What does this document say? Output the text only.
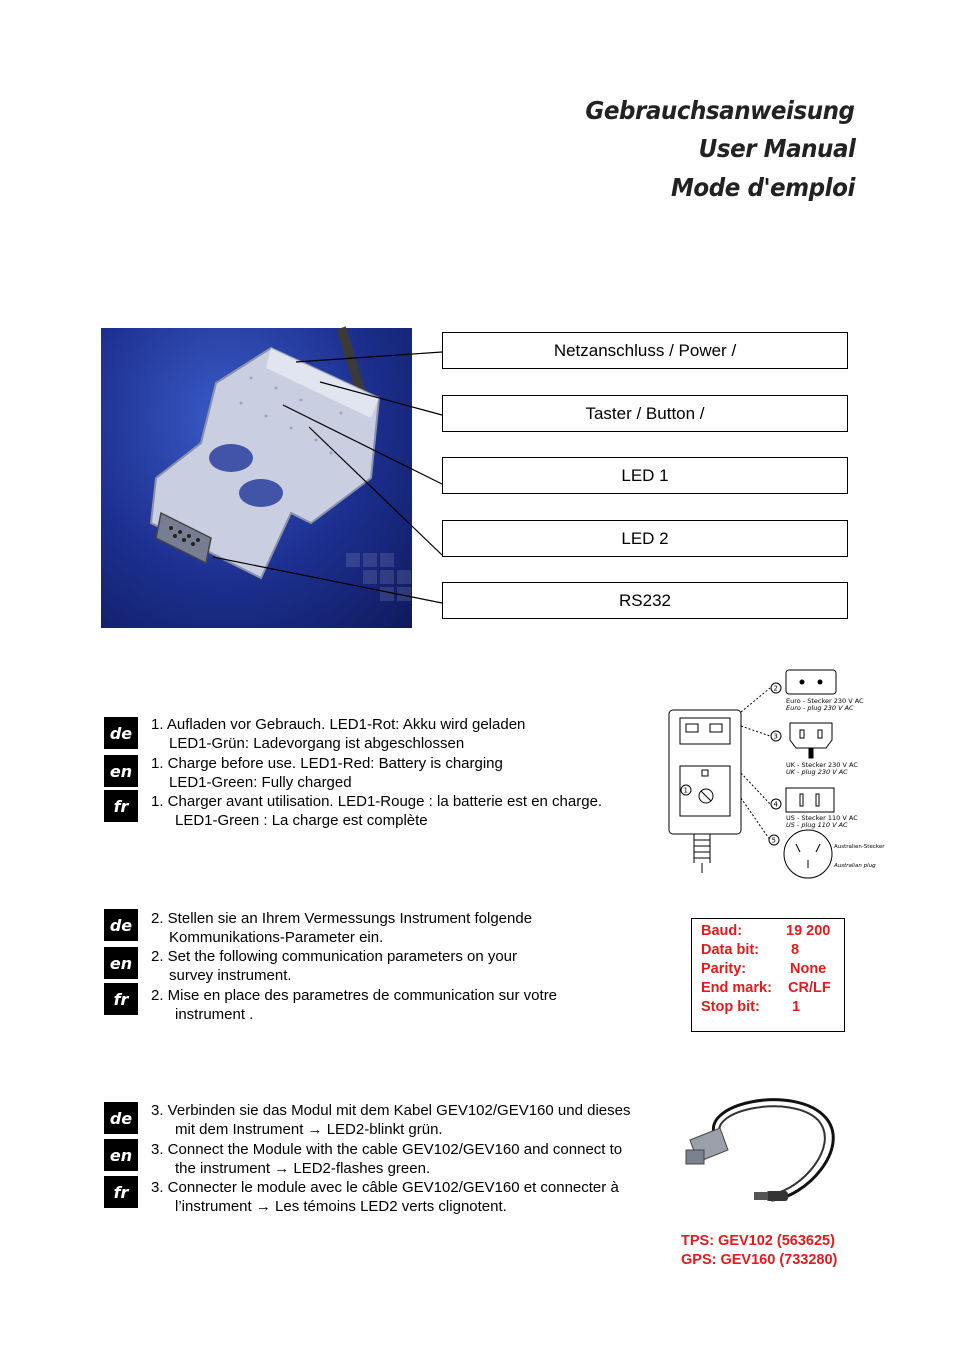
Gebrauchsanweisung
User Manual
Mode d'emploi
Netzanschluss / Power /
Taster / Button /
LED 1
LED 2
RS232
2
3
4
5
1
Euro - Stecker 230 V AC
Euro - plug 230 V AC
UK - Stecker 230 V AC
UK - plug 230 V AC
US - Stecker 110 V AC
US - plug 110 V AC
Australien-Stecker
Australian plug
de
en
fr
1. Aufladen vor Gebrauch. LED1-Rot: Akku wird geladen
LED1-Grün: Ladevorgang ist abgeschlossen
1. Charge before use. LED1-Red: Battery is charging
LED1-Green: Fully charged
1. Charger avant utilisation. LED1-Rouge : la batterie est en charge.
LED1-Green : La charge est complète
de
en
fr
2. Stellen sie an Ihrem Vermessungs Instrument folgende
Kommunikations-Parameter ein.
2. Set the following communication parameters on your
survey instrument.
2. Mise en place des parametres de communication sur votre
instrument .
Baud:	19 200
Data bit: 8
Parity:	None
End mark: CR/LF
Stop bit: 1
de
en
fr
3. Verbinden sie das Modul mit dem Kabel GEV102/GEV160 und dieses
mit dem Instrument → LED2-blinkt grün.
3. Connect the Module with the cable GEV102/GEV160 and connect to
the instrument → LED2-flashes green.
3. Connecter le module avec le câble GEV102/GEV160 et connecter à
l’instrument → Les témoins LED2 verts clignotent.
TPS: GEV102 (563625)
GPS: GEV160 (733280)
